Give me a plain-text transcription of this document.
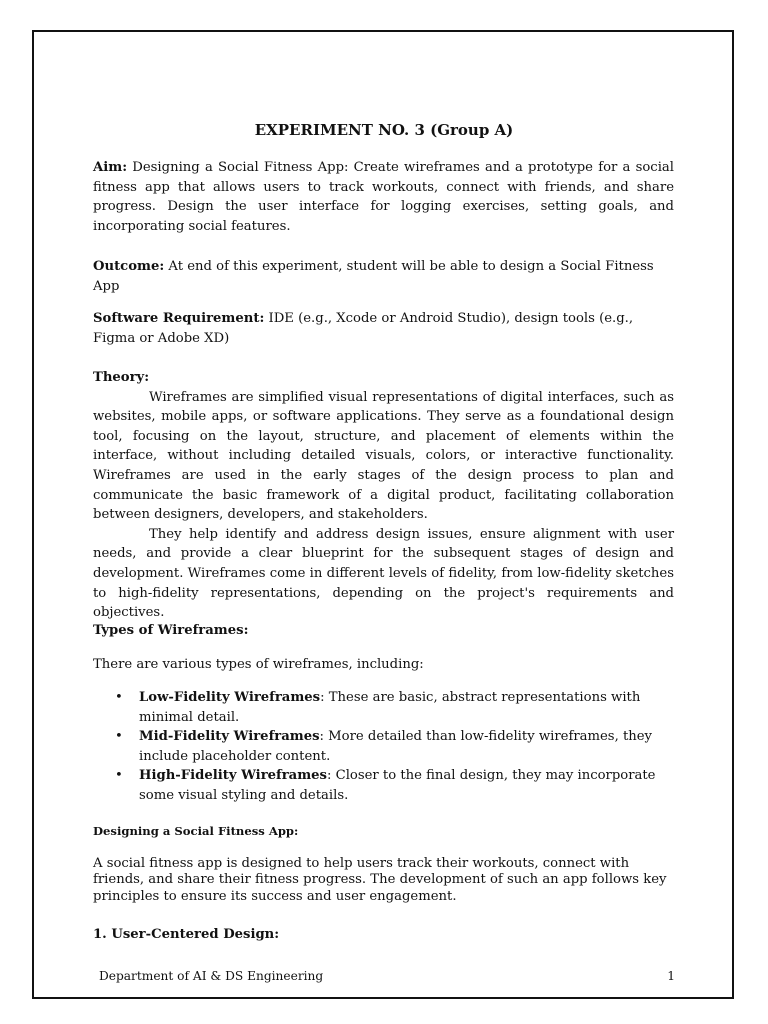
EXPERIMENT NO. 3 (Group A)

Aim: Designing a Social Fitness App: Create wireframes and a prototype for a social fitness app that allows users to track workouts, connect with friends, and share progress. Design the user interface for logging exercises, setting goals, and incorporating social features.

Outcome: At end of this experiment, student will be able to design a Social Fitness App

Software Requirement: IDE (e.g., Xcode or Android Studio), design tools (e.g., Figma or Adobe XD)

Theory:

Wireframes are simplified visual representations of digital interfaces, such as websites, mobile apps, or software applications. They serve as a foundational design tool, focusing on the layout, structure, and placement of elements within the interface, without including detailed visuals, colors, or interactive functionality. Wireframes are used in the early stages of the design process to plan and communicate the basic framework of a digital product, facilitating collaboration between designers, developers, and stakeholders.

They help identify and address design issues, ensure alignment with user needs, and provide a clear blueprint for the subsequent stages of design and development. Wireframes come in different levels of fidelity, from low-fidelity sketches to high-fidelity representations, depending on the project's requirements and objectives.

Types of Wireframes:

There are various types of wireframes, including:

• Low-Fidelity Wireframes: These are basic, abstract representations with minimal detail.
• Mid-Fidelity Wireframes: More detailed than low-fidelity wireframes, they include placeholder content.
• High-Fidelity Wireframes: Closer to the final design, they may incorporate some visual styling and details.

Designing a Social Fitness App:

A social fitness app is designed to help users track their workouts, connect with friends, and share their fitness progress. The development of such an app follows key principles to ensure its success and user engagement.

1. User-Centered Design:

Department of AI & DS Engineering	1
